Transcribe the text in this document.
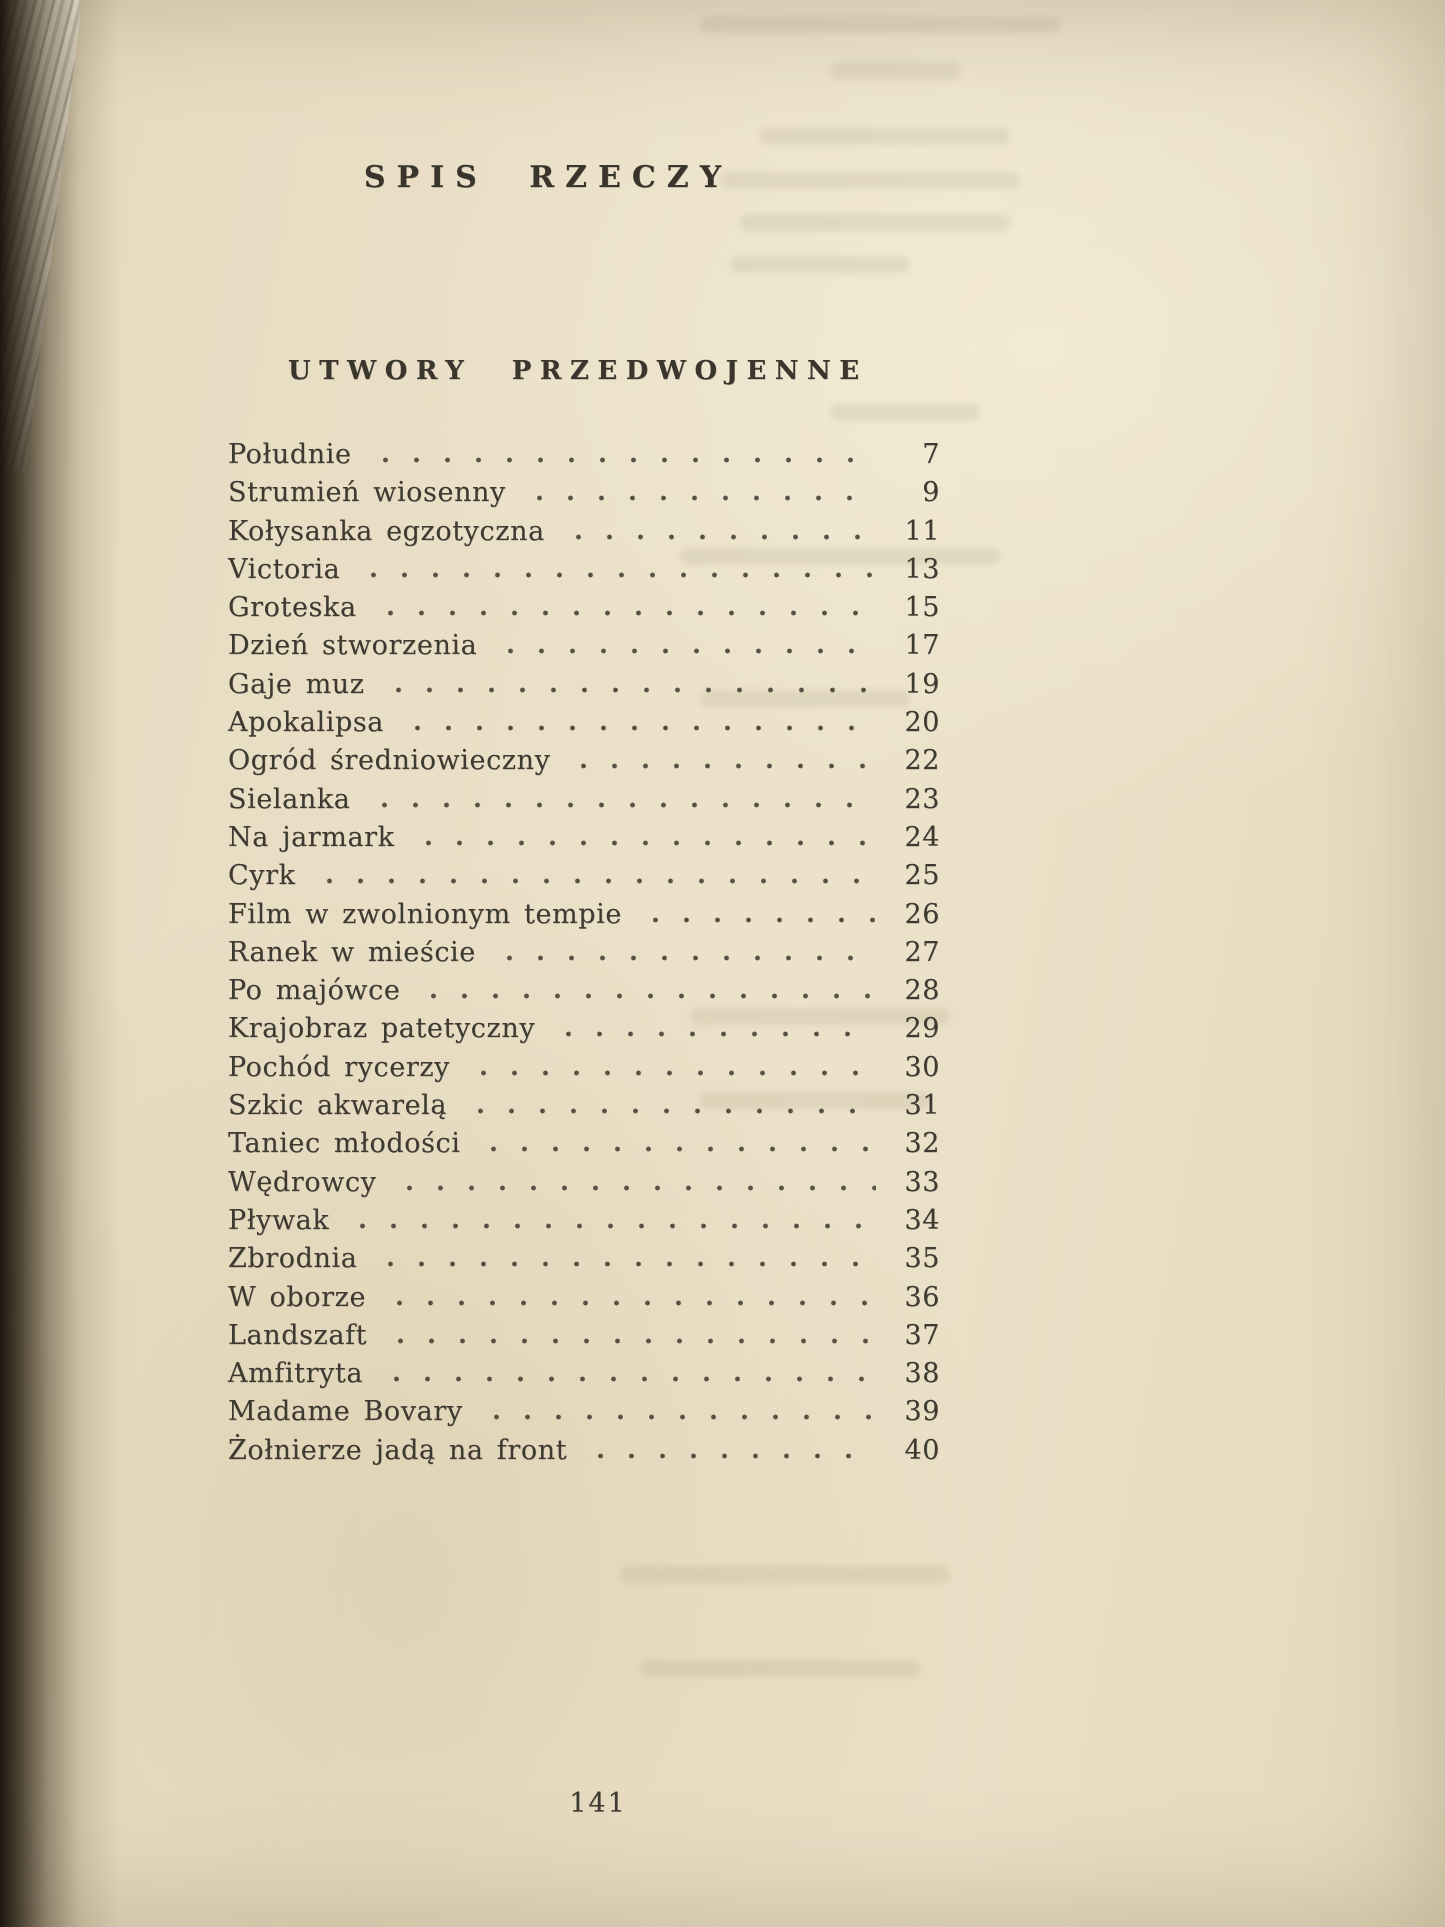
SPIS RZECZY
UTWORY PRZEDWOJENNE
Południe	7
Strumień wiosenny	9
Kołysanka egzotyczna	11
Victoria	13
Groteska	15
Dzień stworzenia	17
Gaje muz	19
Apokalipsa	20
Ogród średniowieczny	22
Sielanka	23
Na jarmark	24
Cyrk	25
Film w zwolnionym tempie	26
Ranek w mieście	27
Po majówce	28
Krajobraz patetyczny	29
Pochód rycerzy	30
Szkic akwarelą	31
Taniec młodości	32
Wędrowcy	33
Pływak	34
Zbrodnia	35
W oborze	36
Landszaft	37
Amfitryta	38
Madame Bovary	39
Żołnierze jadą na front	40
141
